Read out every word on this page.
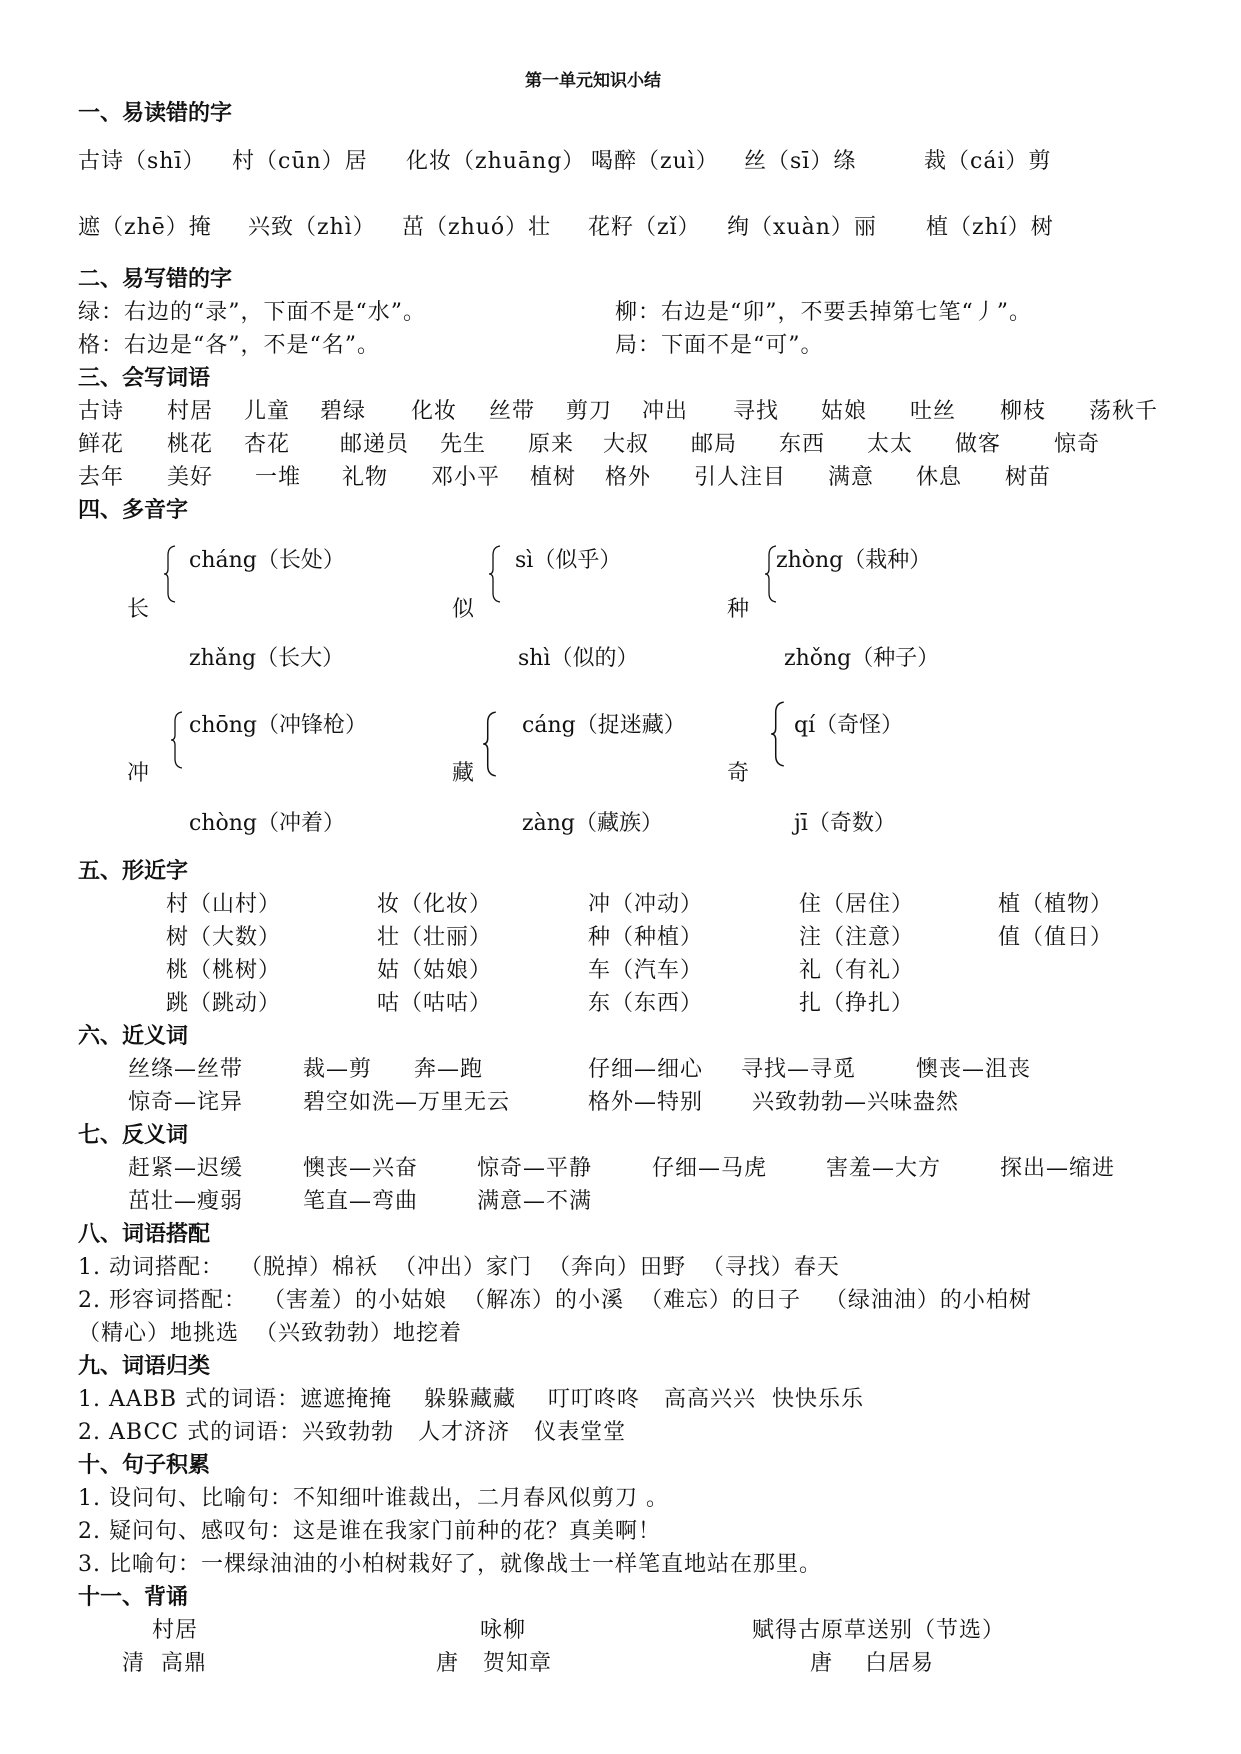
第一单元知识小结
一、易读错的字
古诗（shī） 村（cūn）居 化妆（zhuāng） 喝醉（zuì） 丝（sī）绦	裁（cái）剪
遮（zhē）掩 兴致（zhì） 茁（zhuó）壮 花籽（zǐ） 绚（xuàn）丽 植（zhí）树
二、易写错的字
绿：右边的“录”，下面不是“水”。	柳：右边是“卯”，不要丢掉第七笔“丿”。
格：右边是“各”，不是“名”。	局：下面不是“可”。
三、会写词语
古诗 村居 儿童 碧绿 化妆 丝带 剪刀 冲出 寻找 姑娘 吐丝 柳枝 荡秋千
鲜花 桃花 杏花 邮递员 先生 原来 大叔 邮局 东西 太太 做客 惊奇
去年 美好 一堆 礼物 邓小平 植树 格外 引人注目 满意 休息 树苗
四、多音字
长
cháng（长处）
zhǎng（长大）
似
sì（似乎）
shì（似的）
种
zhòng（栽种）
zhǒng（种子）
冲
chōng（冲锋枪）
chòng（冲着）
藏
cáng（捉迷藏）
zàng（藏族）
奇
qí（奇怪）
jī（奇数）
五、形近字
村（山村）	妆（化妆）	冲（冲动）	住（居住）	植（植物）
树（大数）	壮（壮丽）	种（种植）	注（注意）	值（值日）
桃（桃树）	姑（姑娘）	车（汽车）	礼（有礼）
跳（跳动）	咕（咕咕）	东（东西）	扎（挣扎）
六、近义词
丝绦—丝带	裁—剪 奔—跑	仔细—细心 寻找—寻觅	懊丧—沮丧
惊奇—诧异	碧空如洗—万里无云	格外—特别 兴致勃勃—兴味盎然
七、反义词
赶紧—迟缓	懊丧—兴奋	惊奇—平静	仔细—马虎	害羞—大方	探出—缩进
茁壮—瘦弱	笔直—弯曲	满意—不满
八、词语搭配
1. 动词搭配：  （脱掉）棉袄  （冲出）家门  （奔向）田野  （寻找）春天
2. 形容词搭配：  （害羞）的小姑娘  （解冻）的小溪  （难忘）的日子   （绿油油）的小柏树
（精心）地挑选  （兴致勃勃）地挖着
九、词语归类
1. AABB 式的词语：遮遮掩掩    躲躲藏藏    叮叮咚咚   高高兴兴  快快乐乐
2. ABCC 式的词语：兴致勃勃   人才济济   仪表堂堂
十、句子积累
1. 设问句、比喻句：不知细叶谁裁出，二月春风似剪刀 。
2. 疑问句、感叹句：这是谁在我家门前种的花？真美啊！
3. 比喻句：一棵绿油油的小柏树栽好了，就像战士一样笔直地站在那里。
十一、背诵
村居
清  高鼎
咏柳
唐   贺知章
赋得古原草送别（节选）
唐    白居易
